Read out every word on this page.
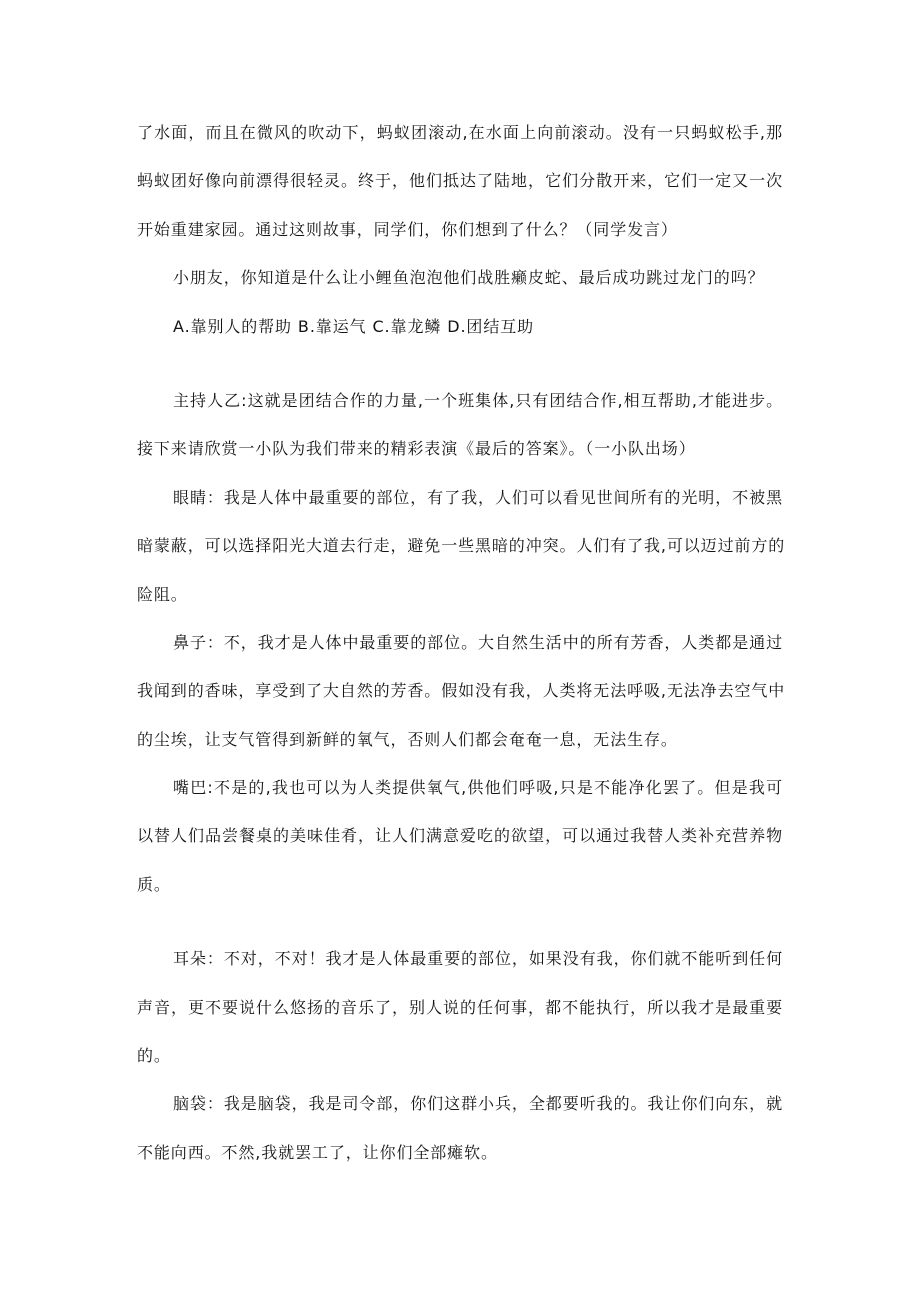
了水面，而且在微风的吹动下，蚂蚁团滚动,在水面上向前滚动。没有一只蚂蚁松手,那
蚂蚁团好像向前漂得很轻灵。终于，他们抵达了陆地，它们分散开来，它们一定又一次
开始重建家园。通过这则故事，同学们，你们想到了什么？（同学发言）
小朋友，你知道是什么让小鲤鱼泡泡他们战胜癞皮蛇、最后成功跳过龙门的吗？
A.靠别人的帮助 B.靠运气 C.靠龙鳞 D.团结互助
主持人乙:这就是团结合作的力量,一个班集体,只有团结合作,相互帮助,才能进步。
接下来请欣赏一小队为我们带来的精彩表演《最后的答案》。（一小队出场）
眼睛：我是人体中最重要的部位，有了我，人们可以看见世间所有的光明，不被黑
暗蒙蔽，可以选择阳光大道去行走，避免一些黑暗的冲突。人们有了我,可以迈过前方的
险阻。
鼻子：不，我才是人体中最重要的部位。大自然生活中的所有芳香，人类都是通过
我闻到的香味，享受到了大自然的芳香。假如没有我，人类将无法呼吸,无法净去空气中
的尘埃，让支气管得到新鲜的氧气，否则人们都会奄奄一息，无法生存。
嘴巴:不是的,我也可以为人类提供氧气,供他们呼吸,只是不能净化罢了。但是我可
以替人们品尝餐桌的美味佳肴，让人们满意爱吃的欲望，可以通过我替人类补充营养物
质。
耳朵：不对，不对！我才是人体最重要的部位，如果没有我，你们就不能听到任何
声音，更不要说什么悠扬的音乐了，别人说的任何事，都不能执行，所以我才是最重要
的。
脑袋：我是脑袋，我是司令部，你们这群小兵，全都要听我的。我让你们向东，就
不能向西。不然,我就罢工了，让你们全部瘫软。
